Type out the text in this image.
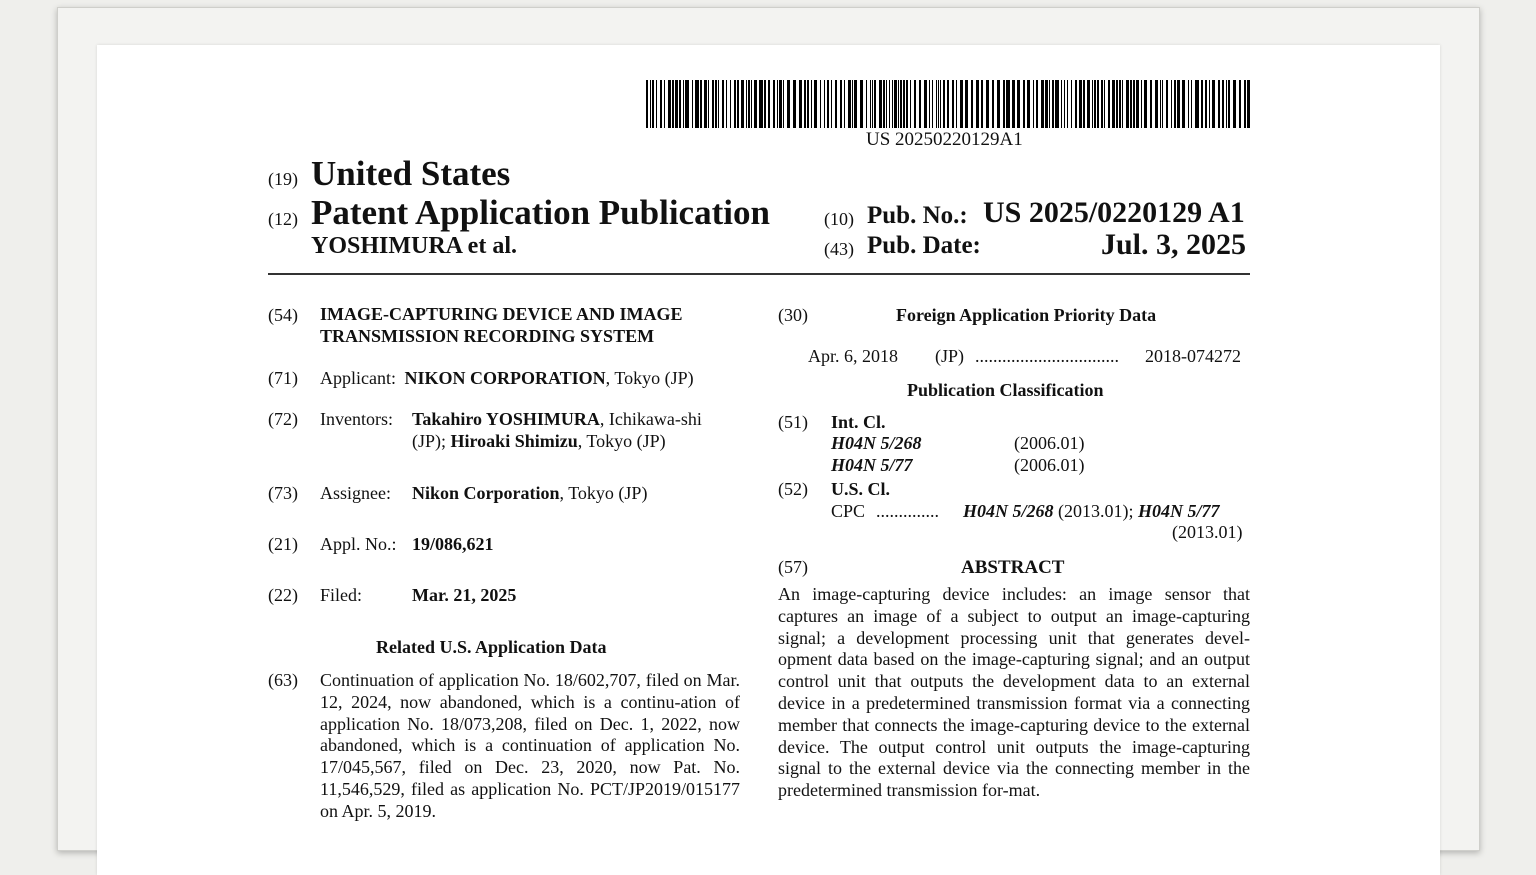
US 20250220129A1
(19) United States
(12) Patent Application Publication
YOSHIMURA et al.
(10) Pub. No.: US 2025/0220129 A1
(43) Pub. Date:	Jul. 3, 2025
(54) IMAGE-CAPTURING DEVICE AND IMAGE
TRANSMISSION RECORDING SYSTEM
(71) Applicant: NIKON CORPORATION, Tokyo (JP)
(72) Inventors: Takahiro YOSHIMURA, Ichikawa-shi
(JP); Hiroaki Shimizu, Tokyo (JP)
(73) Assignee: Nikon Corporation, Tokyo (JP)
(21) Appl. No.: 19/086,621
(22) Filed:	Mar. 21, 2025
Related U.S. Application Data
(63) Continuation of application No. 18/602,707, filed on Mar. 12, 2024, now abandoned, which is a continu-ation of application No. 18/073,208, filed on Dec. 1, 2022, now abandoned, which is a continuation of application No. 17/045,567, filed on Dec. 23, 2020, now Pat. No. 11,546,529, filed as application No. PCT/JP2019/015177 on Apr. 5, 2019.
(30)	Foreign Application Priority Data
Apr. 6, 2018 (JP) ................................ 2018-074272
Publication Classification
(51) Int. Cl.
H04N 5/268	(2006.01)
H04N 5/77	(2006.01)
(52) U.S. Cl.
CPC .............. H04N 5/268 (2013.01); H04N 5/77
(2013.01)
(57)	ABSTRACT
An image-capturing device includes: an image sensor that captures an image of a subject to output an image-capturing signal; a development processing unit that generates devel-opment data based on the image-capturing signal; and an output control unit that outputs the development data to an external device in a predetermined transmission format via a connecting member that connects the image-capturing device to the external device. The output control unit outputs the image-capturing signal to the external device via the connecting member in the predetermined transmission for-mat.
